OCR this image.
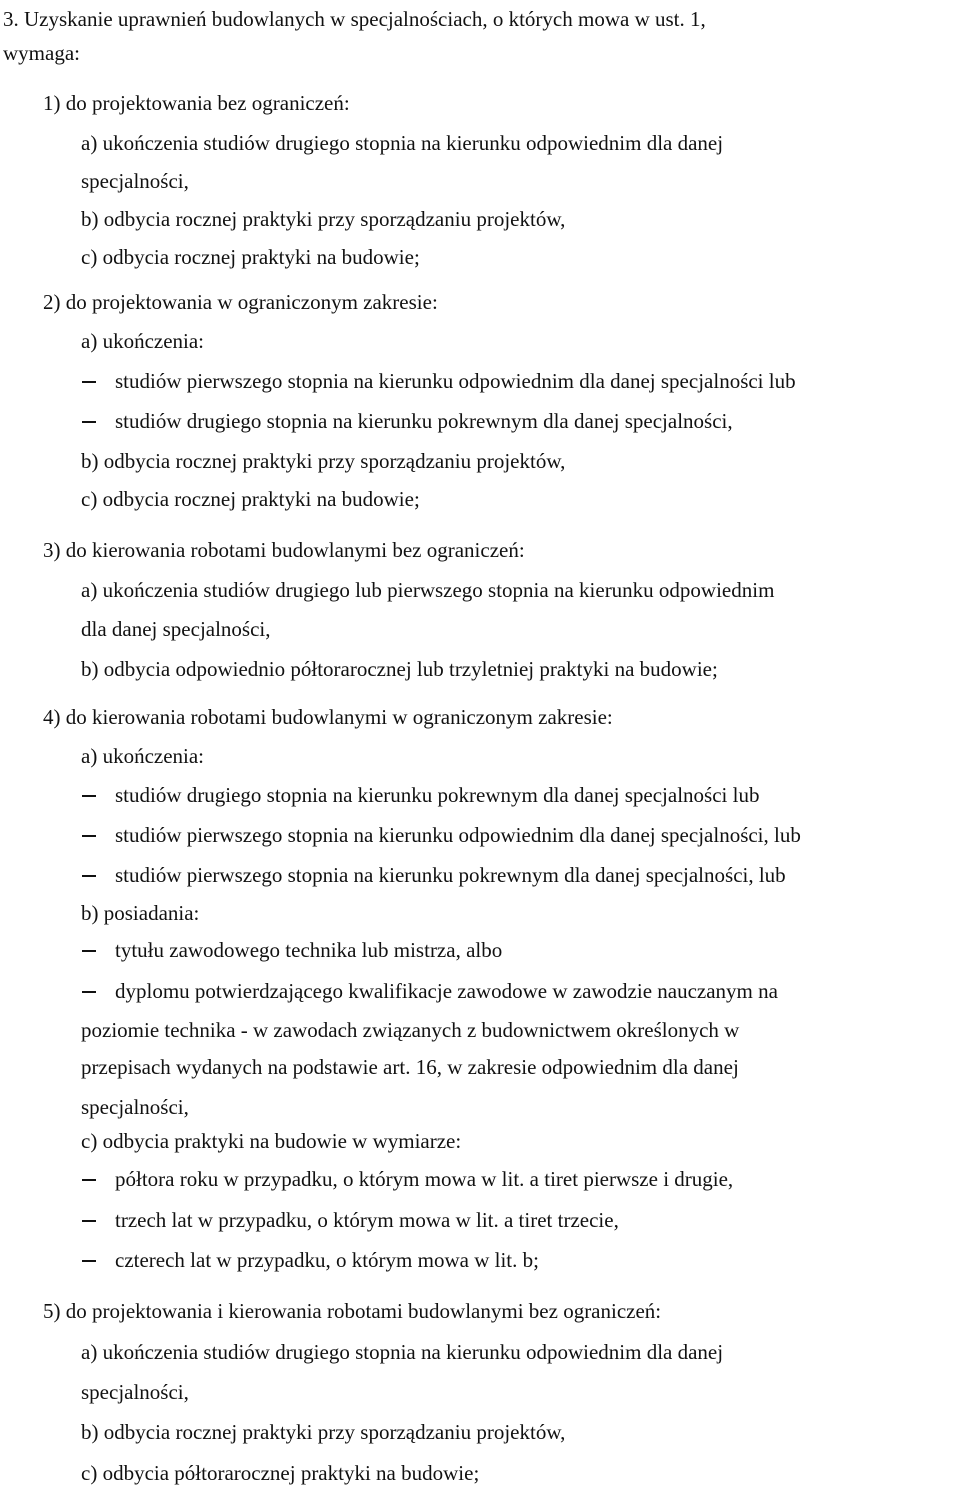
3. Uzyskanie uprawnień budowlanych w specjalnościach, o których mowa w ust. 1,
wymaga:
1) do projektowania bez ograniczeń:
a) ukończenia studiów drugiego stopnia na kierunku odpowiednim dla danej
specjalności,
b) odbycia rocznej praktyki przy sporządzaniu projektów,
c) odbycia rocznej praktyki na budowie;
2) do projektowania w ograniczonym zakresie:
a) ukończenia:
studiów pierwszego stopnia na kierunku odpowiednim dla danej specjalności lub
studiów drugiego stopnia na kierunku pokrewnym dla danej specjalności,
b) odbycia rocznej praktyki przy sporządzaniu projektów,
c) odbycia rocznej praktyki na budowie;
3) do kierowania robotami budowlanymi bez ograniczeń:
a) ukończenia studiów drugiego lub pierwszego stopnia na kierunku odpowiednim
dla danej specjalności,
b) odbycia odpowiednio półtorarocznej lub trzyletniej praktyki na budowie;
4) do kierowania robotami budowlanymi w ograniczonym zakresie:
a) ukończenia:
studiów drugiego stopnia na kierunku pokrewnym dla danej specjalności lub
studiów pierwszego stopnia na kierunku odpowiednim dla danej specjalności, lub
studiów pierwszego stopnia na kierunku pokrewnym dla danej specjalności, lub
b) posiadania:
tytułu zawodowego technika lub mistrza, albo
dyplomu potwierdzającego kwalifikacje zawodowe w zawodzie nauczanym na
poziomie technika - w zawodach związanych z budownictwem określonych w
przepisach wydanych na podstawie art. 16, w zakresie odpowiednim dla danej
specjalności,
c) odbycia praktyki na budowie w wymiarze:
półtora roku w przypadku, o którym mowa w lit. a tiret pierwsze i drugie,
trzech lat w przypadku, o którym mowa w lit. a tiret trzecie,
czterech lat w przypadku, o którym mowa w lit. b;
5) do projektowania i kierowania robotami budowlanymi bez ograniczeń:
a) ukończenia studiów drugiego stopnia na kierunku odpowiednim dla danej
specjalności,
b) odbycia rocznej praktyki przy sporządzaniu projektów,
c) odbycia półtorarocznej praktyki na budowie;
